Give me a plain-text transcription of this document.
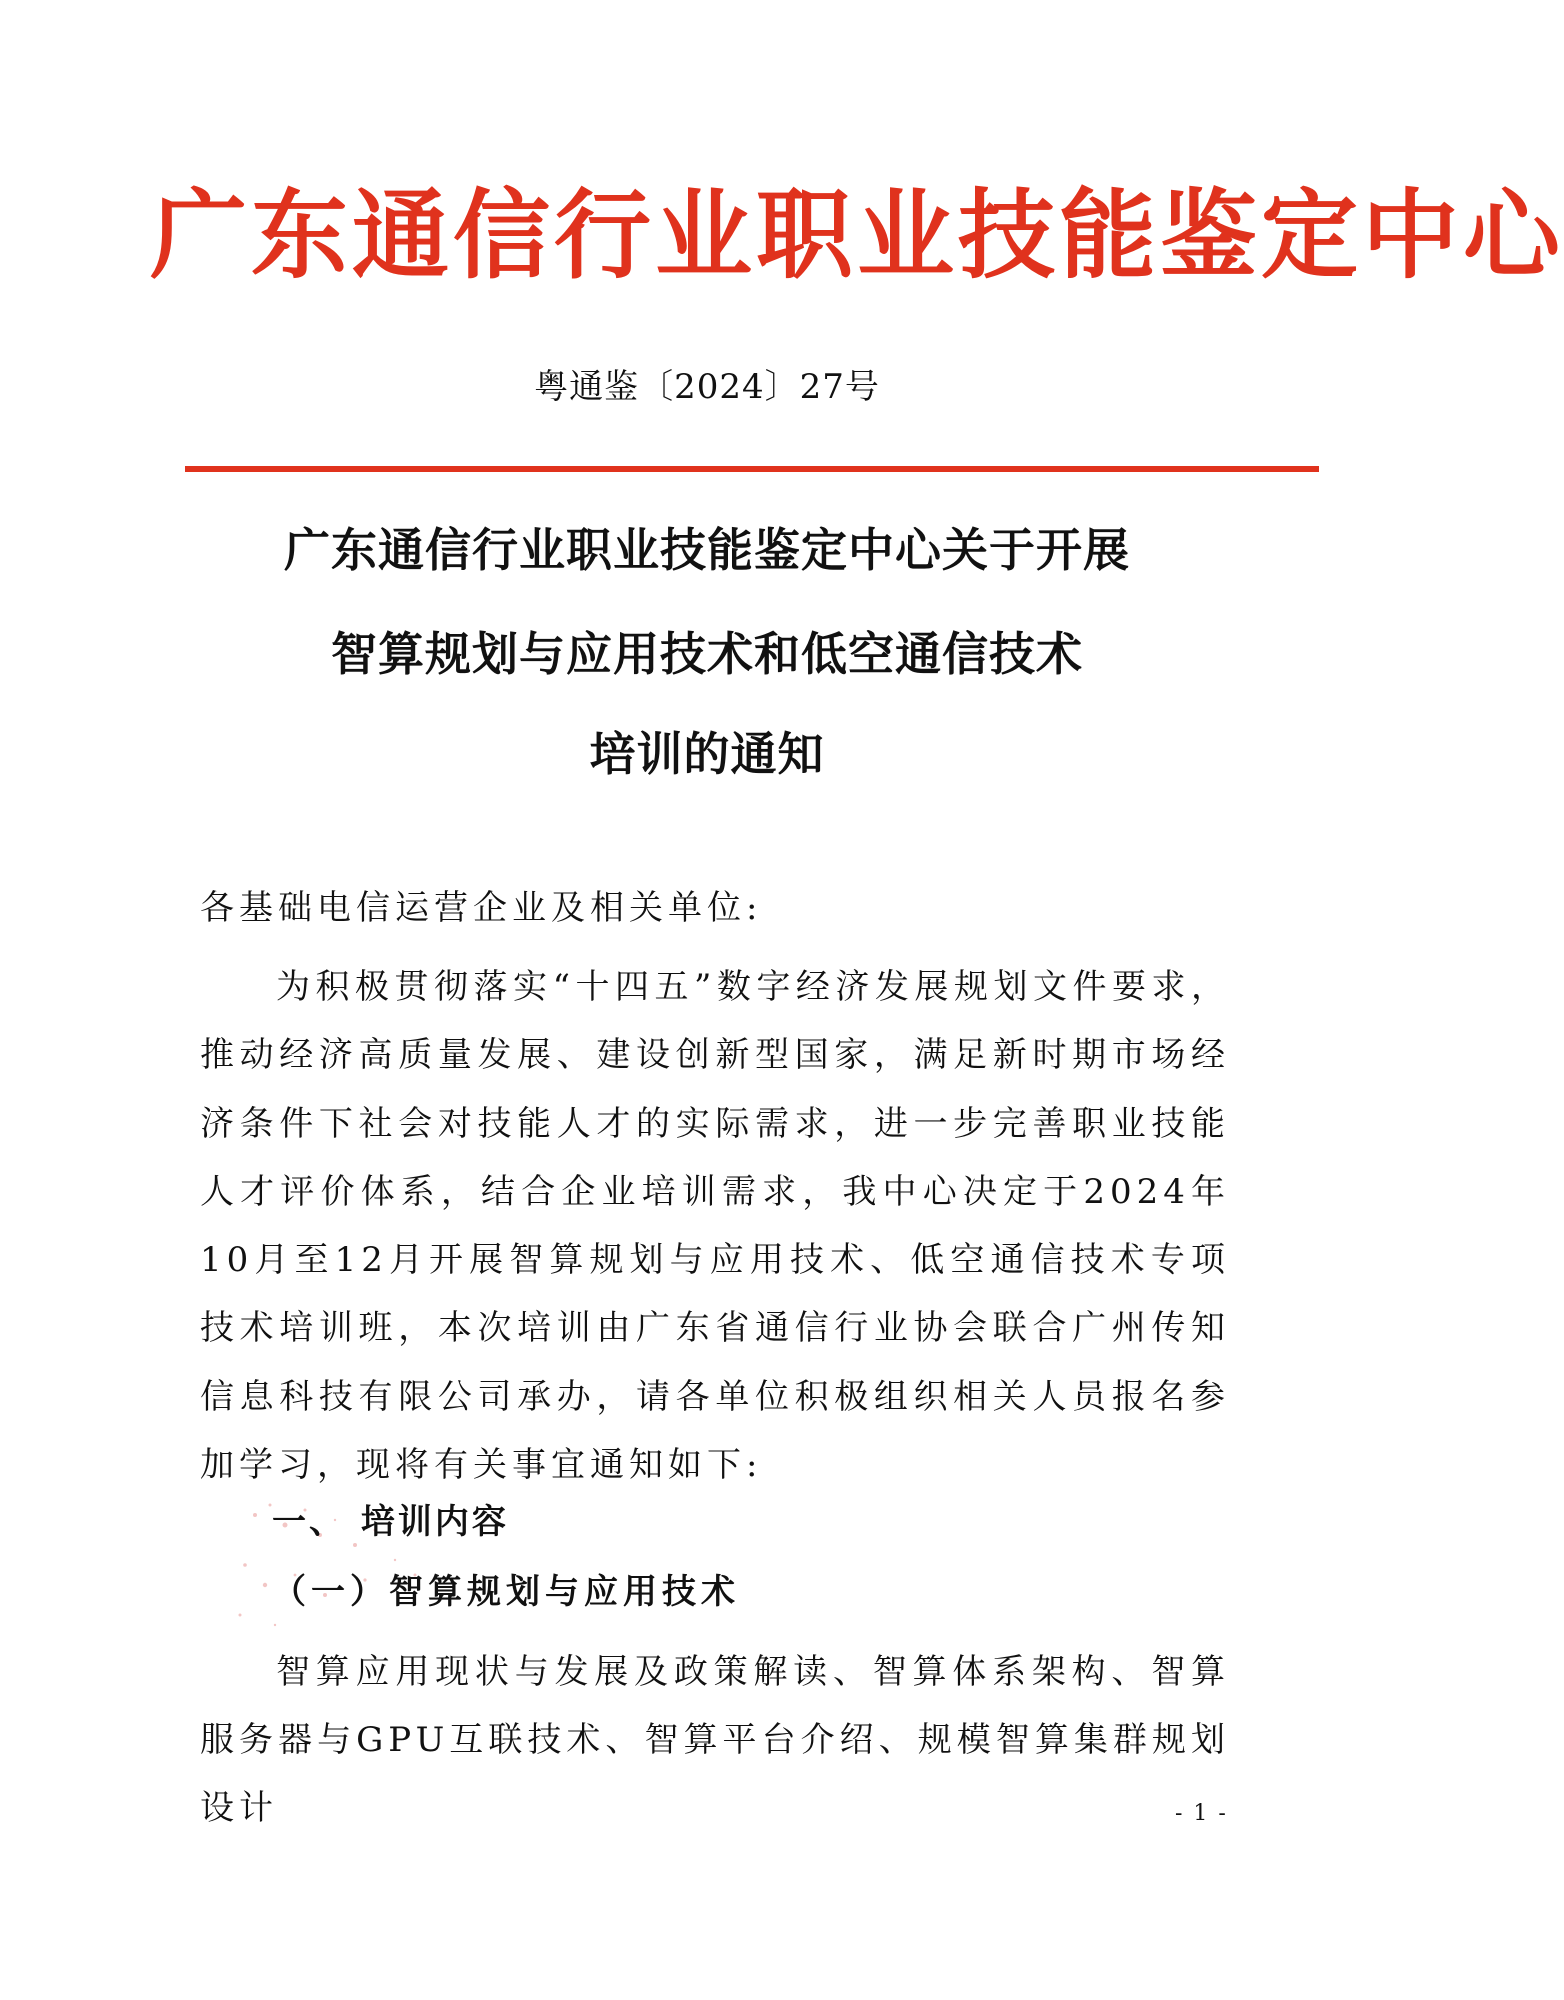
广东通信行业职业技能鉴定中心
粤通鉴〔2024〕27号
广东通信行业职业技能鉴定中心关于开展
智算规划与应用技术和低空通信技术
培训的通知
各基础电信运营企业及相关单位:
为积极贯彻落实“十四五”数字经济发展规划文件要求，推动经济高质量发展、建设创新型国家，满足新时期市场经济条件下社会对技能人才的实际需求，进一步完善职业技能人才评价体系，结合企业培训需求，我中心决定于2024年10月至12月开展智算规划与应用技术、低空通信技术专项技术培训班，本次培训由广东省通信行业协会联合广州传知信息科技有限公司承办，请各单位积极组织相关人员报名参加学习，现将有关事宜通知如下:
一、 培训内容
（一）智算规划与应用技术
智算应用现状与发展及政策解读、智算体系架构、智算服务器与GPU互联技术、智算平台介绍、规模智算集群规划设计	- 1 -
